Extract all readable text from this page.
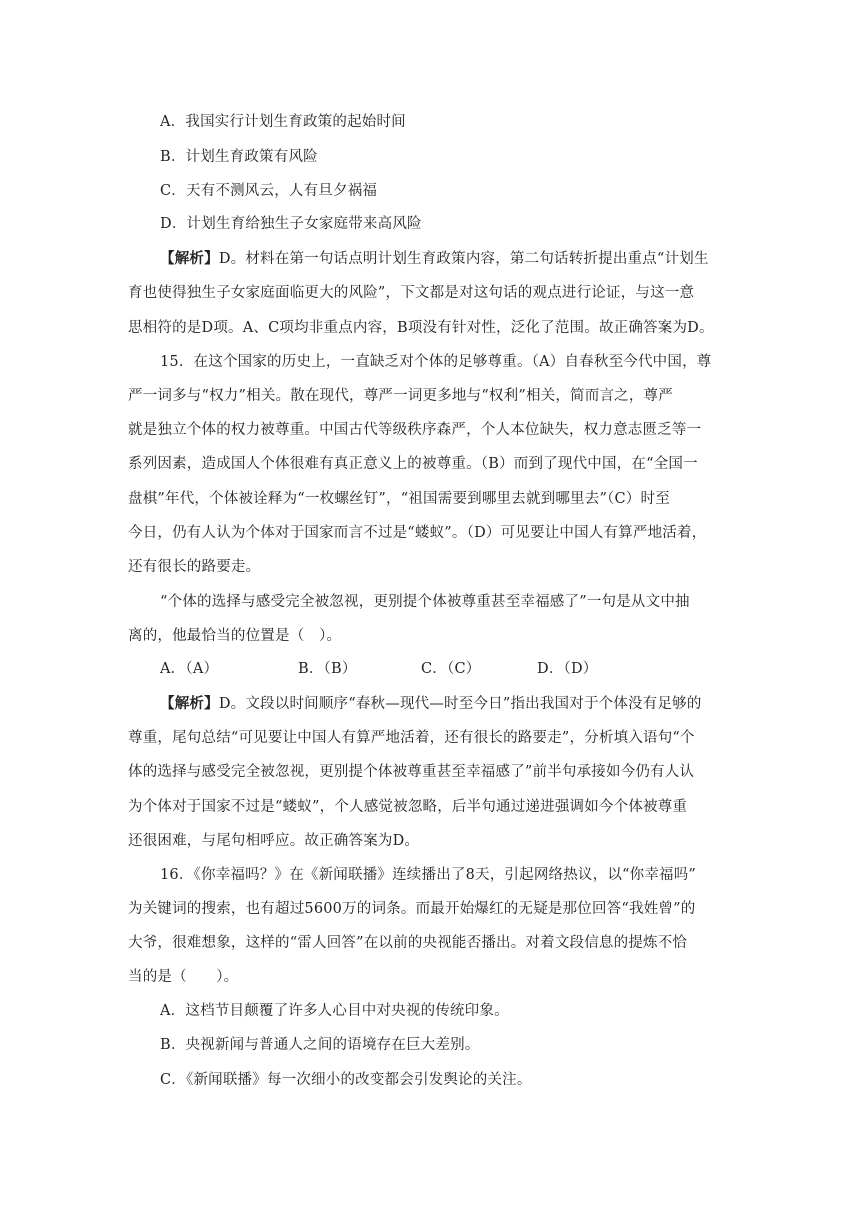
A．我国实行计划生育政策的起始时间
B．计划生育政策有风险
C．天有不测风云，人有旦夕祸福
D．计划生育给独生子女家庭带来高风险
【解析】D。材料在第一句话点明计划生育政策内容，第二句话转折提出重点“计划生
育也使得独生子女家庭面临更大的风险”，下文都是对这句话的观点进行论证，与这一意
思相符的是D项。A、C项均非重点内容，B项没有针对性，泛化了范围。故正确答案为D。
15．在这个国家的历史上，一直缺乏对个体的足够尊重。（A）自春秋至今代中国，尊
严一词多与“权力”相关。散在现代，尊严一词更多地与“权利”相关，简而言之，尊严
就是独立个体的权力被尊重。中国古代等级秩序森严，个人本位缺失，权力意志匮乏等一
系列因素，造成国人个体很难有真正意义上的被尊重。（B）而到了现代中国，在“全国一
盘棋”年代，个体被诠释为“一枚螺丝钉”，“祖国需要到哪里去就到哪里去”（C）时至
今日，仍有人认为个体对于国家而言不过是“蝼蚁”。（D）可见要让中国人有算严地活着，
还有很长的路要走。
“个体的选择与感受完全被忽视，更别提个体被尊重甚至幸福感了”一句是从文中抽
离的，他最恰当的位置是（　）。
A．（A）	B．（B）	C．（C）	D．（D）
【解析】D。文段以时间顺序“春秋—现代—时至今日”指出我国对于个体没有足够的
尊重，尾句总结“可见要让中国人有算严地活着，还有很长的路要走”，分析填入语句“个
体的选择与感受完全被忽视，更别提个体被尊重甚至幸福感了”前半句承接如今仍有人认
为个体对于国家不过是“蝼蚁”，个人感觉被忽略，后半句通过递进强调如今个体被尊重
还很困难，与尾句相呼应。故正确答案为D。
16．《你幸福吗？》在《新闻联播》连续播出了8天，引起网络热议，以“你幸福吗”
为关键词的搜索，也有超过5600万的词条。而最开始爆红的无疑是那位回答“我姓曾”的
大爷，很难想象，这样的“雷人回答”在以前的央视能否播出。对着文段信息的提炼不恰
当的是（　　）。
A．这档节目颠覆了许多人心目中对央视的传统印象。
B．央视新闻与普通人之间的语境存在巨大差别。
C．《新闻联播》每一次细小的改变都会引发舆论的关注。
